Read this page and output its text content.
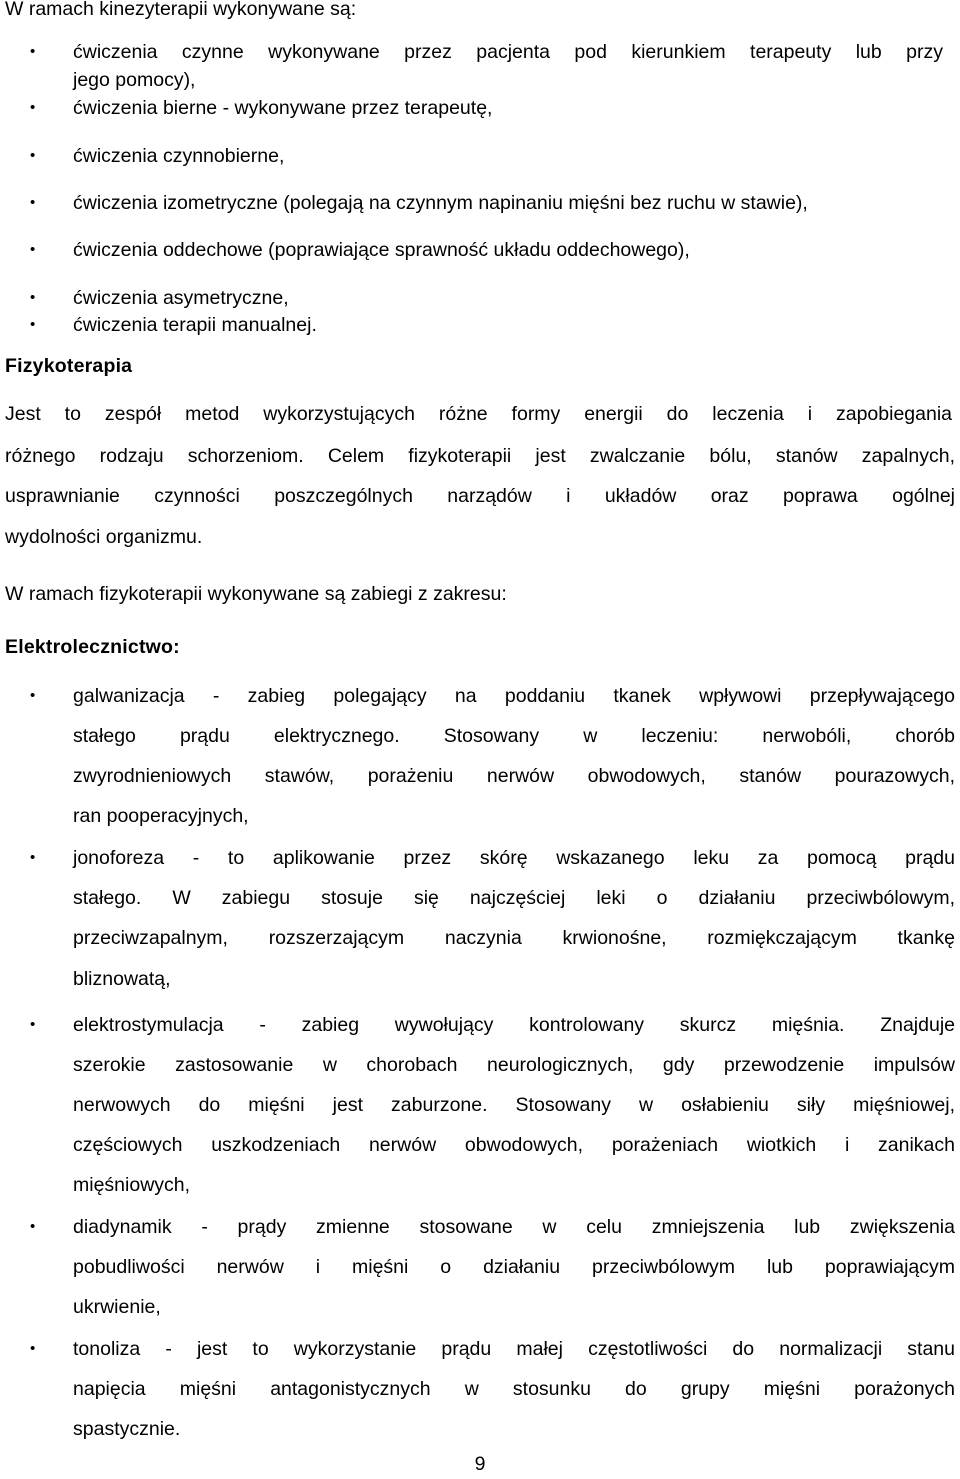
W ramach kinezyterapii wykonywane są:
• ćwiczenia czynne wykonywane przez pacjenta pod kierunkiem terapeuty lub przy
jego pomocy),
• ćwiczenia bierne - wykonywane przez terapeutę,
• ćwiczenia czynnobierne,
• ćwiczenia izometryczne (polegają na czynnym napinaniu mięśni bez ruchu w stawie),
• ćwiczenia oddechowe (poprawiające sprawność układu oddechowego),
• ćwiczenia asymetryczne,
• ćwiczenia terapii manualnej.
Fizykoterapia
Jest to zespół metod wykorzystujących różne formy energii do leczenia i zapobiegania
różnego rodzaju schorzeniom. Celem fizykoterapii jest zwalczanie bólu, stanów zapalnych,
usprawnianie czynności poszczególnych narządów i układów oraz poprawa ogólnej
wydolności organizmu.
W ramach fizykoterapii wykonywane są zabiegi z zakresu:
Elektrolecznictwo:
• galwanizacja - zabieg polegający na poddaniu tkanek wpływowi przepływającego
stałego prądu elektrycznego. Stosowany w leczeniu: nerwobóli, chorób
zwyrodnieniowych stawów, porażeniu nerwów obwodowych, stanów pourazowych,
ran pooperacyjnych,
• jonoforeza - to aplikowanie przez skórę wskazanego leku za pomocą prądu
stałego. W zabiegu stosuje się najczęściej leki o działaniu przeciwbólowym,
przeciwzapalnym, rozszerzającym naczynia krwionośne, rozmiękczającym tkankę
bliznowatą,
• elektrostymulacja - zabieg wywołujący kontrolowany skurcz mięśnia. Znajduje
szerokie zastosowanie w chorobach neurologicznych, gdy przewodzenie impulsów
nerwowych do mięśni jest zaburzone. Stosowany w osłabieniu siły mięśniowej,
częściowych uszkodzeniach nerwów obwodowych, porażeniach wiotkich i zanikach
mięśniowych,
• diadynamik - prądy zmienne stosowane w celu zmniejszenia lub zwiększenia
pobudliwości nerwów i mięśni o działaniu przeciwbólowym lub poprawiającym
ukrwienie,
• tonoliza - jest to wykorzystanie prądu małej częstotliwości do normalizacji stanu
napięcia mięśni antagonistycznych w stosunku do grupy mięśni porażonych
spastycznie.
9
